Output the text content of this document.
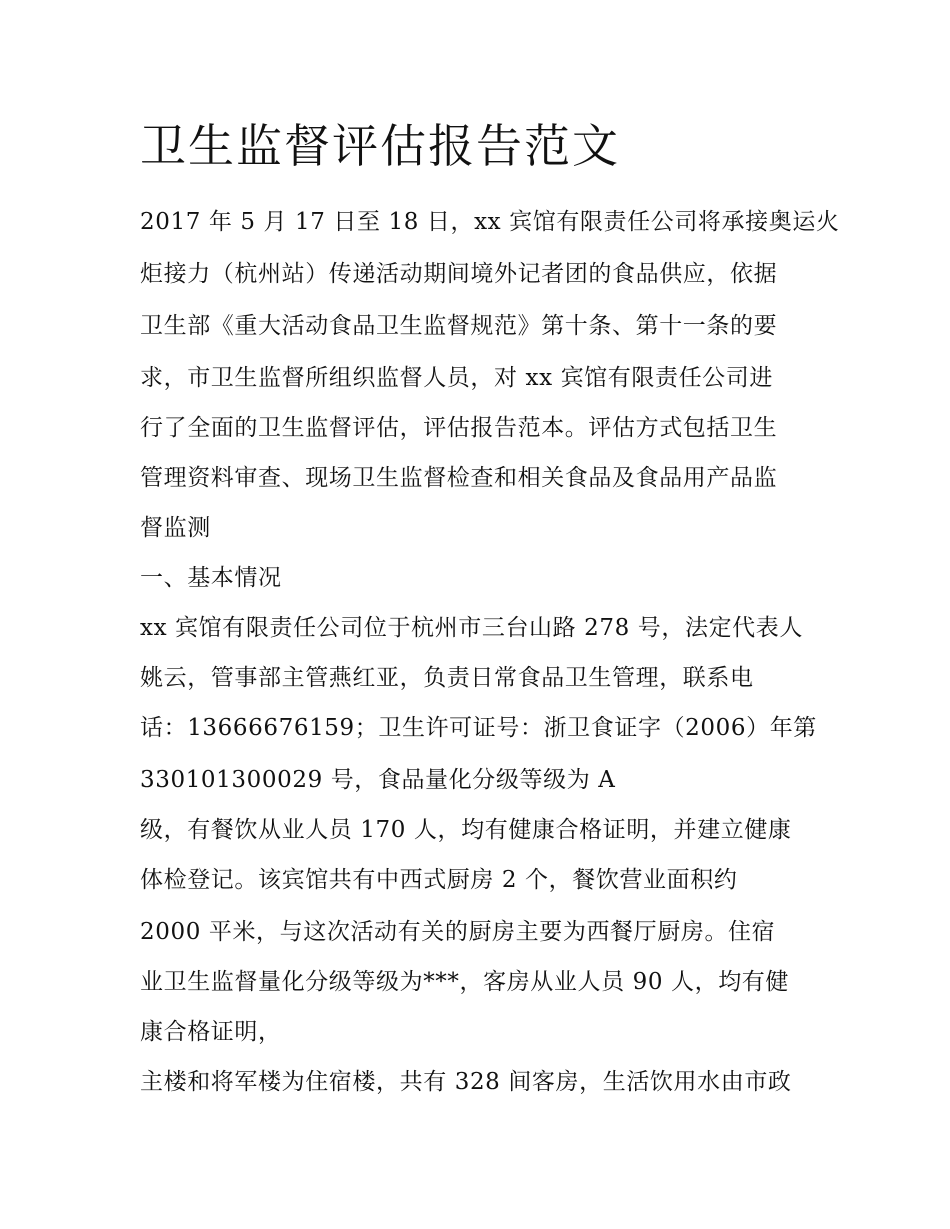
卫生监督评估报告范文

2017 年 5 月 17 日至 18 日，xx 宾馆有限责任公司将承接奥运火

炬接力（杭州站）传递活动期间境外记者团的食品供应，依据

卫生部《重大活动食品卫生监督规范》第十条、第十一条的要

求，市卫生监督所组织监督人员，对 xx 宾馆有限责任公司进

行了全面的卫生监督评估，评估报告范本。评估方式包括卫生

管理资料审查、现场卫生监督检查和相关食品及食品用产品监

督监测

一、基本情况

xx 宾馆有限责任公司位于杭州市三台山路 278 号，法定代表人

姚云，管事部主管燕红亚，负责日常食品卫生管理，联系电

话：13666676159；卫生许可证号：浙卫食证字（2006）年第

330101300029 号，食品量化分级等级为 A

级，有餐饮从业人员 170 人，均有健康合格证明，并建立健康

体检登记。该宾馆共有中西式厨房 2 个，餐饮营业面积约

2000 平米，与这次活动有关的厨房主要为西餐厅厨房。住宿

业卫生监督量化分级等级为***，客房从业人员 90 人，均有健

康合格证明，

主楼和将军楼为住宿楼，共有 328 间客房，生活饮用水由市政
